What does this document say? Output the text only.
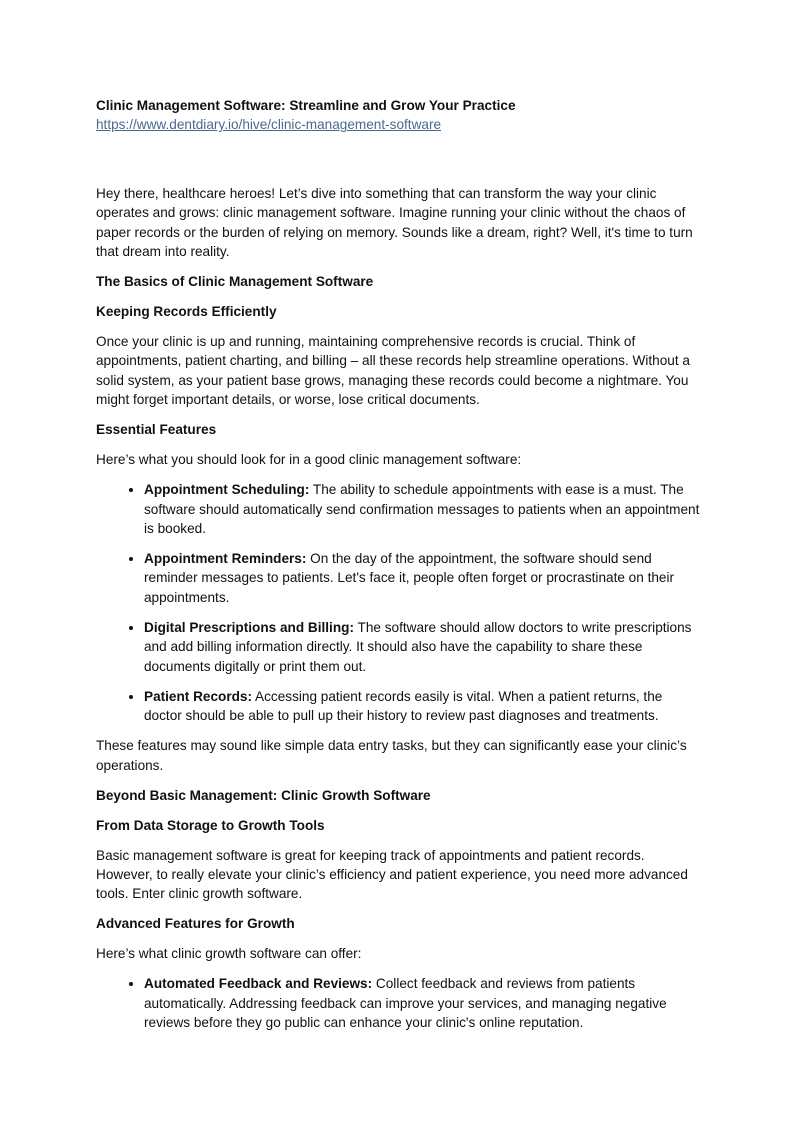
Clinic Management Software: Streamline and Grow Your Practice
https://www.dentdiary.io/hive/clinic-management-software

Hey there, healthcare heroes! Let’s dive into something that can transform the way your clinic operates and grows: clinic management software. Imagine running your clinic without the chaos of paper records or the burden of relying on memory. Sounds like a dream, right? Well, it's time to turn that dream into reality.

The Basics of Clinic Management Software
Keeping Records Efficiently

Once your clinic is up and running, maintaining comprehensive records is crucial. Think of appointments, patient charting, and billing – all these records help streamline operations. Without a solid system, as your patient base grows, managing these records could become a nightmare. You might forget important details, or worse, lose critical documents.

Essential Features

Here’s what you should look for in a good clinic management software:

• Appointment Scheduling: The ability to schedule appointments with ease is a must. The software should automatically send confirmation messages to patients when an appointment is booked.
• Appointment Reminders: On the day of the appointment, the software should send reminder messages to patients. Let's face it, people often forget or procrastinate on their appointments.
• Digital Prescriptions and Billing: The software should allow doctors to write prescriptions and add billing information directly. It should also have the capability to share these documents digitally or print them out.
• Patient Records: Accessing patient records easily is vital. When a patient returns, the doctor should be able to pull up their history to review past diagnoses and treatments.

These features may sound like simple data entry tasks, but they can significantly ease your clinic’s operations.

Beyond Basic Management: Clinic Growth Software
From Data Storage to Growth Tools

Basic management software is great for keeping track of appointments and patient records. However, to really elevate your clinic’s efficiency and patient experience, you need more advanced tools. Enter clinic growth software.

Advanced Features for Growth

Here’s what clinic growth software can offer:

• Automated Feedback and Reviews: Collect feedback and reviews from patients automatically. Addressing feedback can improve your services, and managing negative reviews before they go public can enhance your clinic's online reputation.
